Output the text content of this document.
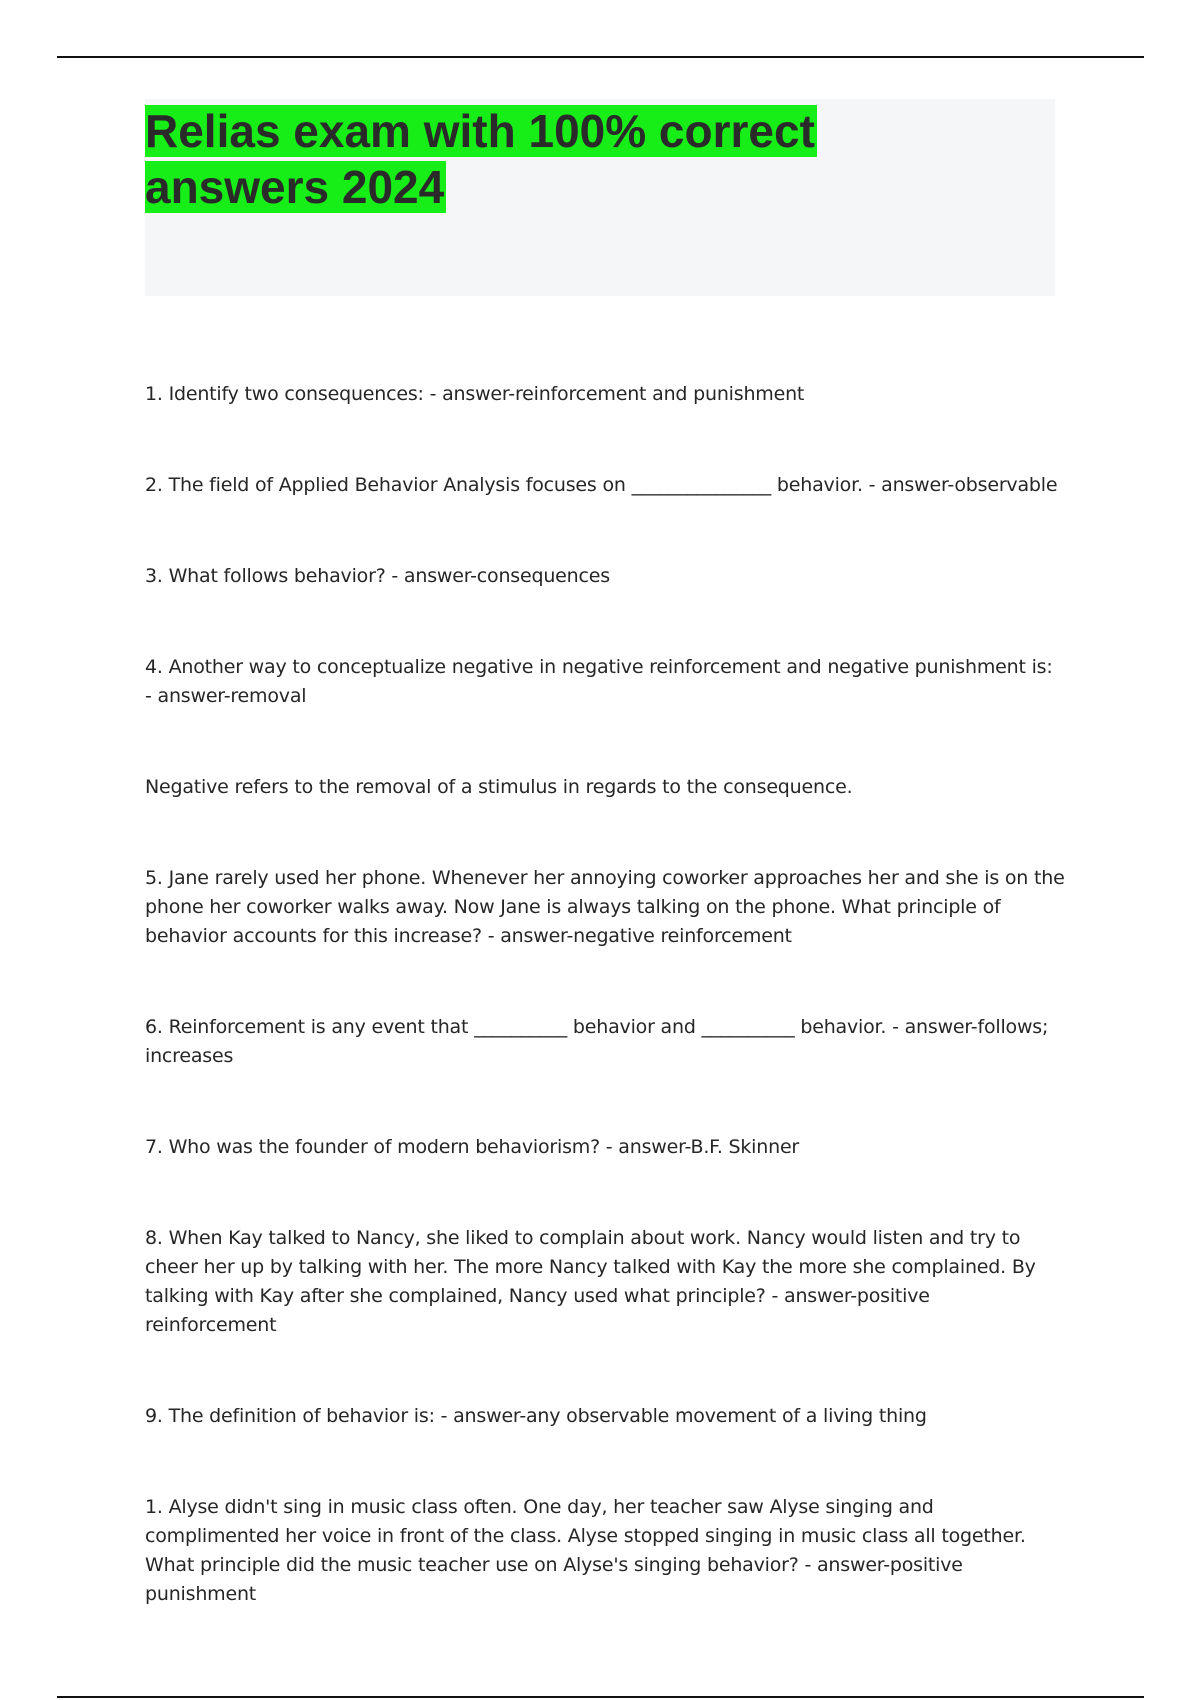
Relias exam with 100% correct answers 2024

1. Identify two consequences: - answer-reinforcement and punishment

2. The field of Applied Behavior Analysis focuses on _______________ behavior. - answer-observable

3. What follows behavior? - answer-consequences

4. Another way to conceptualize negative in negative reinforcement and negative punishment is: - answer-removal

Negative refers to the removal of a stimulus in regards to the consequence.

5. Jane rarely used her phone. Whenever her annoying coworker approaches her and she is on the phone her coworker walks away. Now Jane is always talking on the phone. What principle of behavior accounts for this increase? - answer-negative reinforcement

6. Reinforcement is any event that __________ behavior and __________ behavior. - answer-follows; increases

7. Who was the founder of modern behaviorism? - answer-B.F. Skinner

8. When Kay talked to Nancy, she liked to complain about work. Nancy would listen and try to cheer her up by talking with her. The more Nancy talked with Kay the more she complained. By talking with Kay after she complained, Nancy used what principle? - answer-positive reinforcement

9. The definition of behavior is: - answer-any observable movement of a living thing

1. Alyse didn't sing in music class often. One day, her teacher saw Alyse singing and complimented her voice in front of the class. Alyse stopped singing in music class all together. What principle did the music teacher use on Alyse's singing behavior? - answer-positive punishment
